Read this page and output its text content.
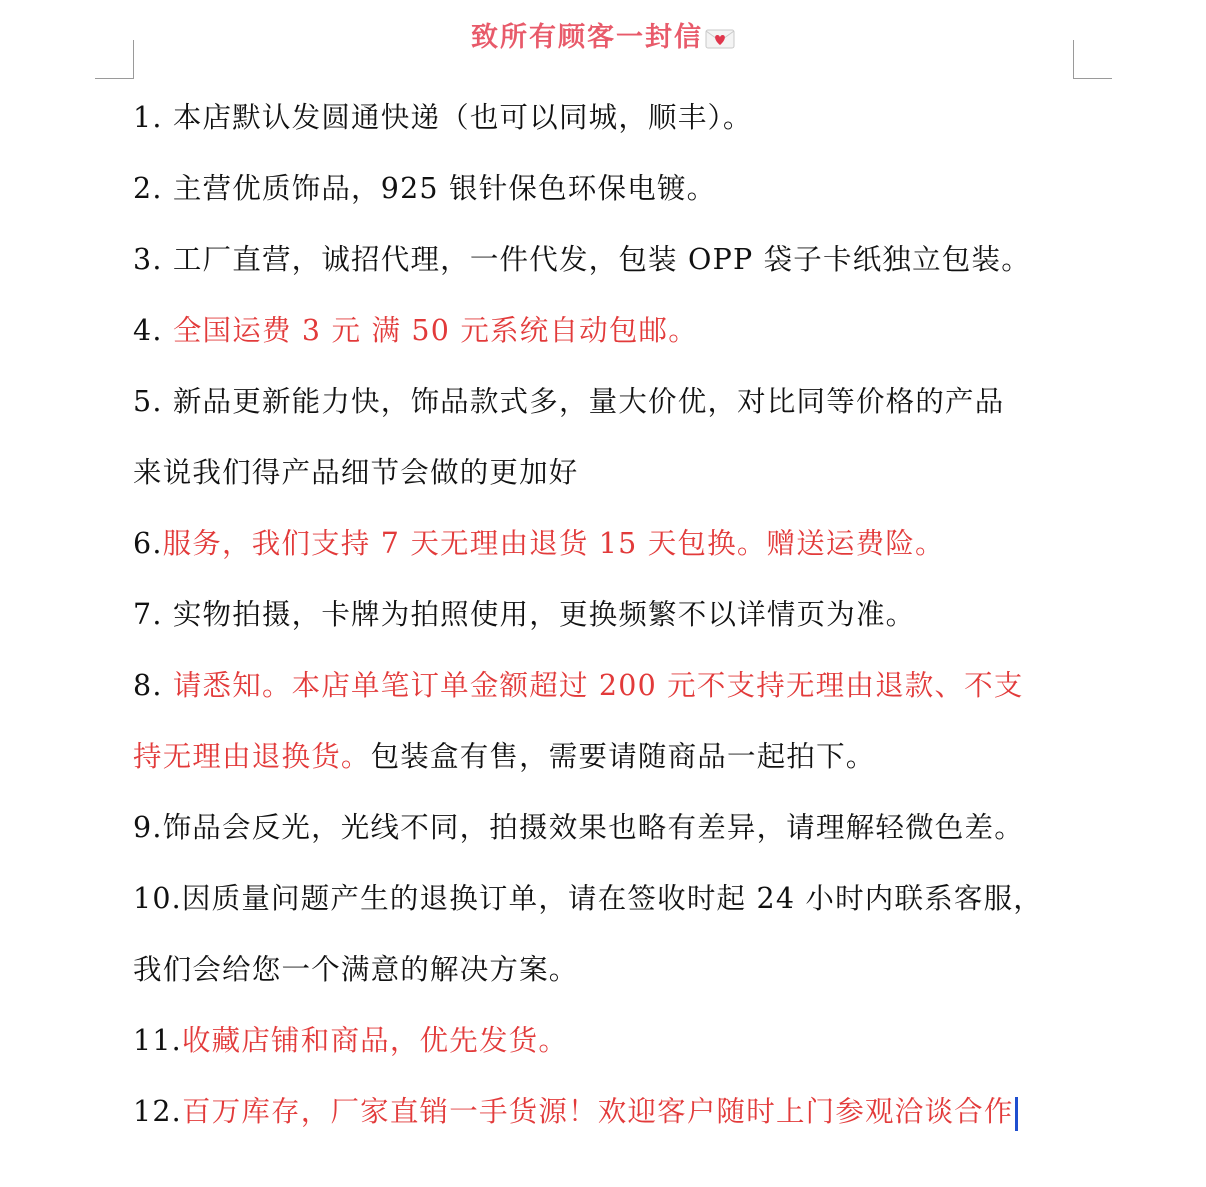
致所有顾客一封信
1. 本店默认发圆通快递（也可以同城，顺丰）。
2. 主营优质饰品，925 银针保色环保电镀。
3. 工厂直营，诚招代理，一件代发，包装 OPP 袋子卡纸独立包装。
4. 全国运费 3 元 满 50 元系统自动包邮。
5. 新品更新能力快，饰品款式多，量大价优，对比同等价格的产品
来说我们得产品细节会做的更加好
6.服务，我们支持 7 天无理由退货 15 天包换。赠送运费险。
7. 实物拍摄，卡牌为拍照使用，更换频繁不以详情页为准。
8. 请悉知。本店单笔订单金额超过 200 元不支持无理由退款、不支
持无理由退换货。包装盒有售，需要请随商品一起拍下。
9.饰品会反光，光线不同，拍摄效果也略有差异，请理解轻微色差。
10.因质量问题产生的退换订单，请在签收时起 24 小时内联系客服，
我们会给您一个满意的解决方案。
11.收藏店铺和商品，优先发货。
12.百万库存，厂家直销一手货源！欢迎客户随时上门参观洽谈合作
